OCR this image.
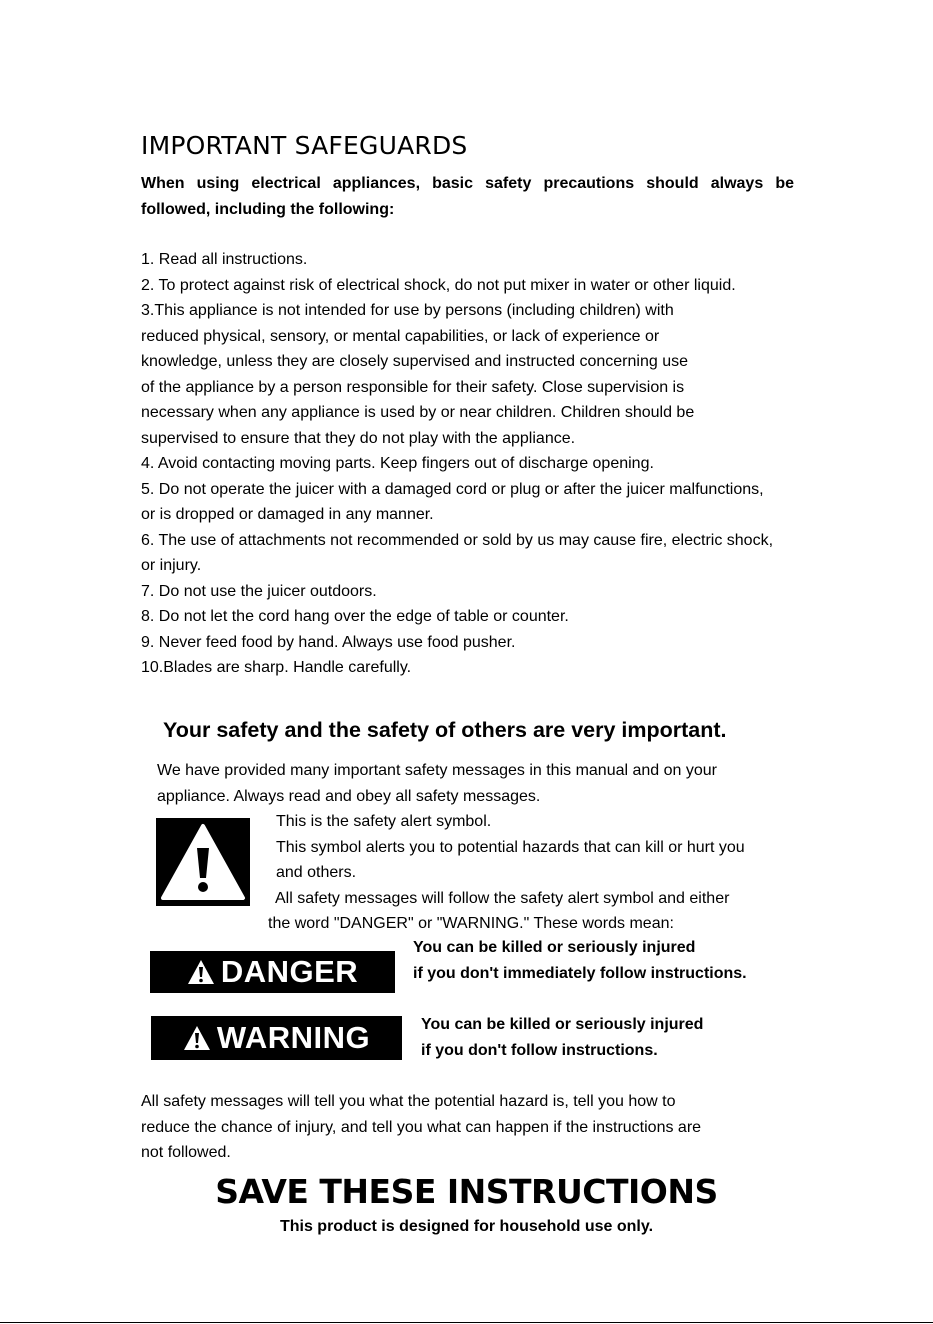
IMPORTANT SAFEGUARDS
When using electrical appliances, basic safety precautions should always be followed, including the following:
1. Read all instructions.
2. To protect against risk of electrical shock, do not put mixer in water or other liquid.
3.This appliance is not intended for use by persons (including children) with
reduced physical, sensory, or mental capabilities, or lack of experience or
knowledge, unless they are closely supervised and instructed concerning use
of the appliance by a person responsible for their safety. Close supervision is
necessary when any appliance is used by or near children. Children should be
supervised to ensure that they do not play with the appliance.
4. Avoid contacting moving parts. Keep fingers out of discharge opening.
5. Do not operate the juicer with a damaged cord or plug or after the juicer malfunctions,
or is dropped or damaged in any manner.
6. The use of attachments not recommended or sold by us may cause fire, electric shock,
or injury.
7. Do not use the juicer outdoors.
8. Do not let the cord hang over the edge of table or counter.
9. Never feed food by hand. Always use food pusher.
10.Blades are sharp. Handle carefully.
Your safety and the safety of others are very important.
We have provided many important safety messages in this manual and on your
appliance. Always read and obey all safety messages.
This is the safety alert symbol.
This symbol alerts you to potential hazards that can kill or hurt you
and others.
All safety messages will follow the safety alert symbol and either
the word "DANGER" or "WARNING." These words mean:
DANGER
You can be killed or seriously injured
if you don't immediately follow instructions.
WARNING	You can be killed or seriously injured
if you don't follow instructions.
All safety messages will tell you what the potential hazard is, tell you how to
reduce the chance of injury, and tell you what can happen if the instructions are
not followed.
SAVE THESE INSTRUCTIONS
This product is designed for household use only.
